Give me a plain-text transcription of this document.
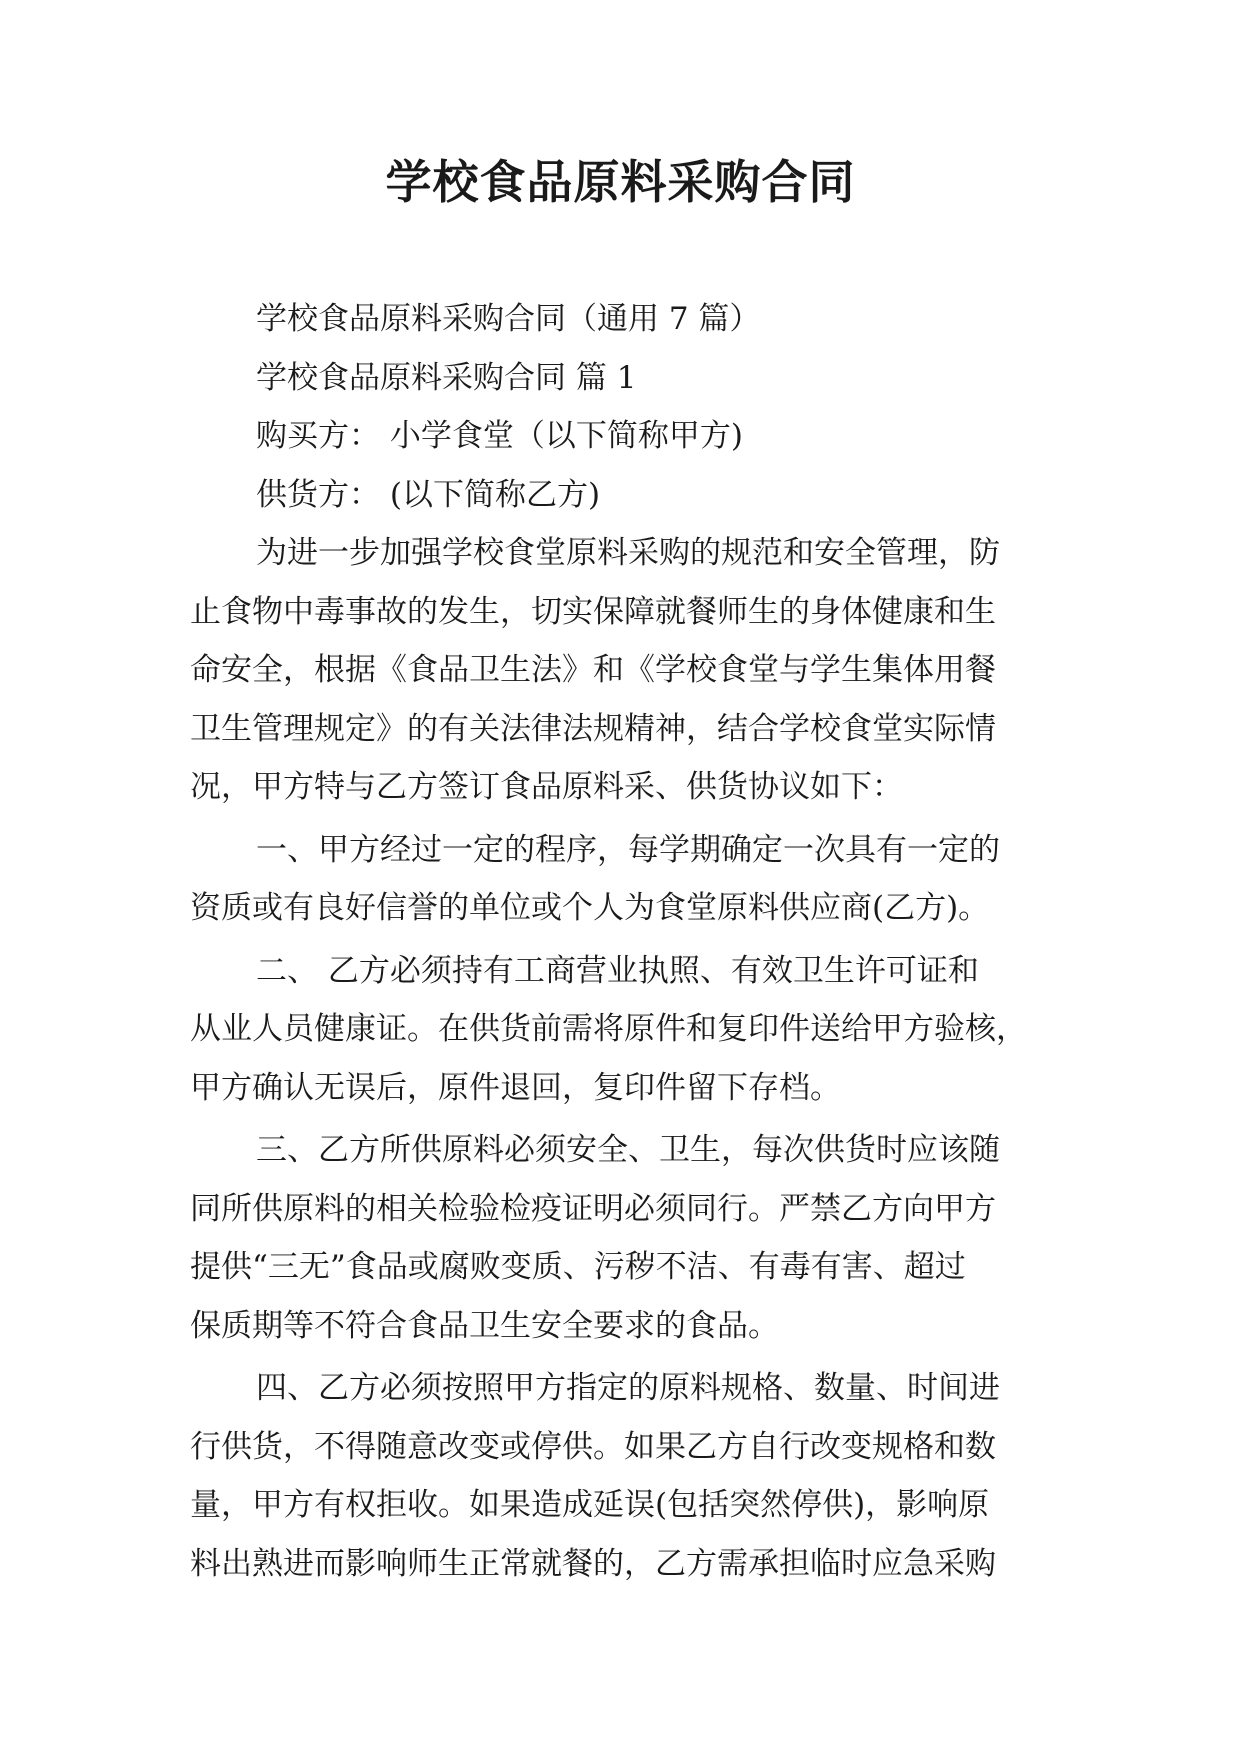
学校食品原料采购合同

学校食品原料采购合同（通用 7 篇）

学校食品原料采购合同 篇 1

购买方： 小学食堂（以下简称甲方)

供货方： (以下简称乙方)

为进一步加强学校食堂原料采购的规范和安全管理，防

止食物中毒事故的发生，切实保障就餐师生的身体健康和生

命安全，根据《食品卫生法》和《学校食堂与学生集体用餐

卫生管理规定》的有关法律法规精神，结合学校食堂实际情

况，甲方特与乙方签订食品原料采、供货协议如下：

一、甲方经过一定的程序，每学期确定一次具有一定的

资质或有良好信誉的单位或个人为食堂原料供应商(乙方)。

二、 乙方必须持有工商营业执照、有效卫生许可证和

从业人员健康证。在供货前需将原件和复印件送给甲方验核，

甲方确认无误后，原件退回，复印件留下存档。

三、乙方所供原料必须安全、卫生，每次供货时应该随

同所供原料的相关检验检疫证明必须同行。严禁乙方向甲方

提供“三无”食品或腐败变质、污秽不洁、有毒有害、超过

保质期等不符合食品卫生安全要求的食品。

四、乙方必须按照甲方指定的原料规格、数量、时间进

行供货，不得随意改变或停供。如果乙方自行改变规格和数

量，甲方有权拒收。如果造成延误(包括突然停供)，影响原

料出熟进而影响师生正常就餐的，乙方需承担临时应急采购
